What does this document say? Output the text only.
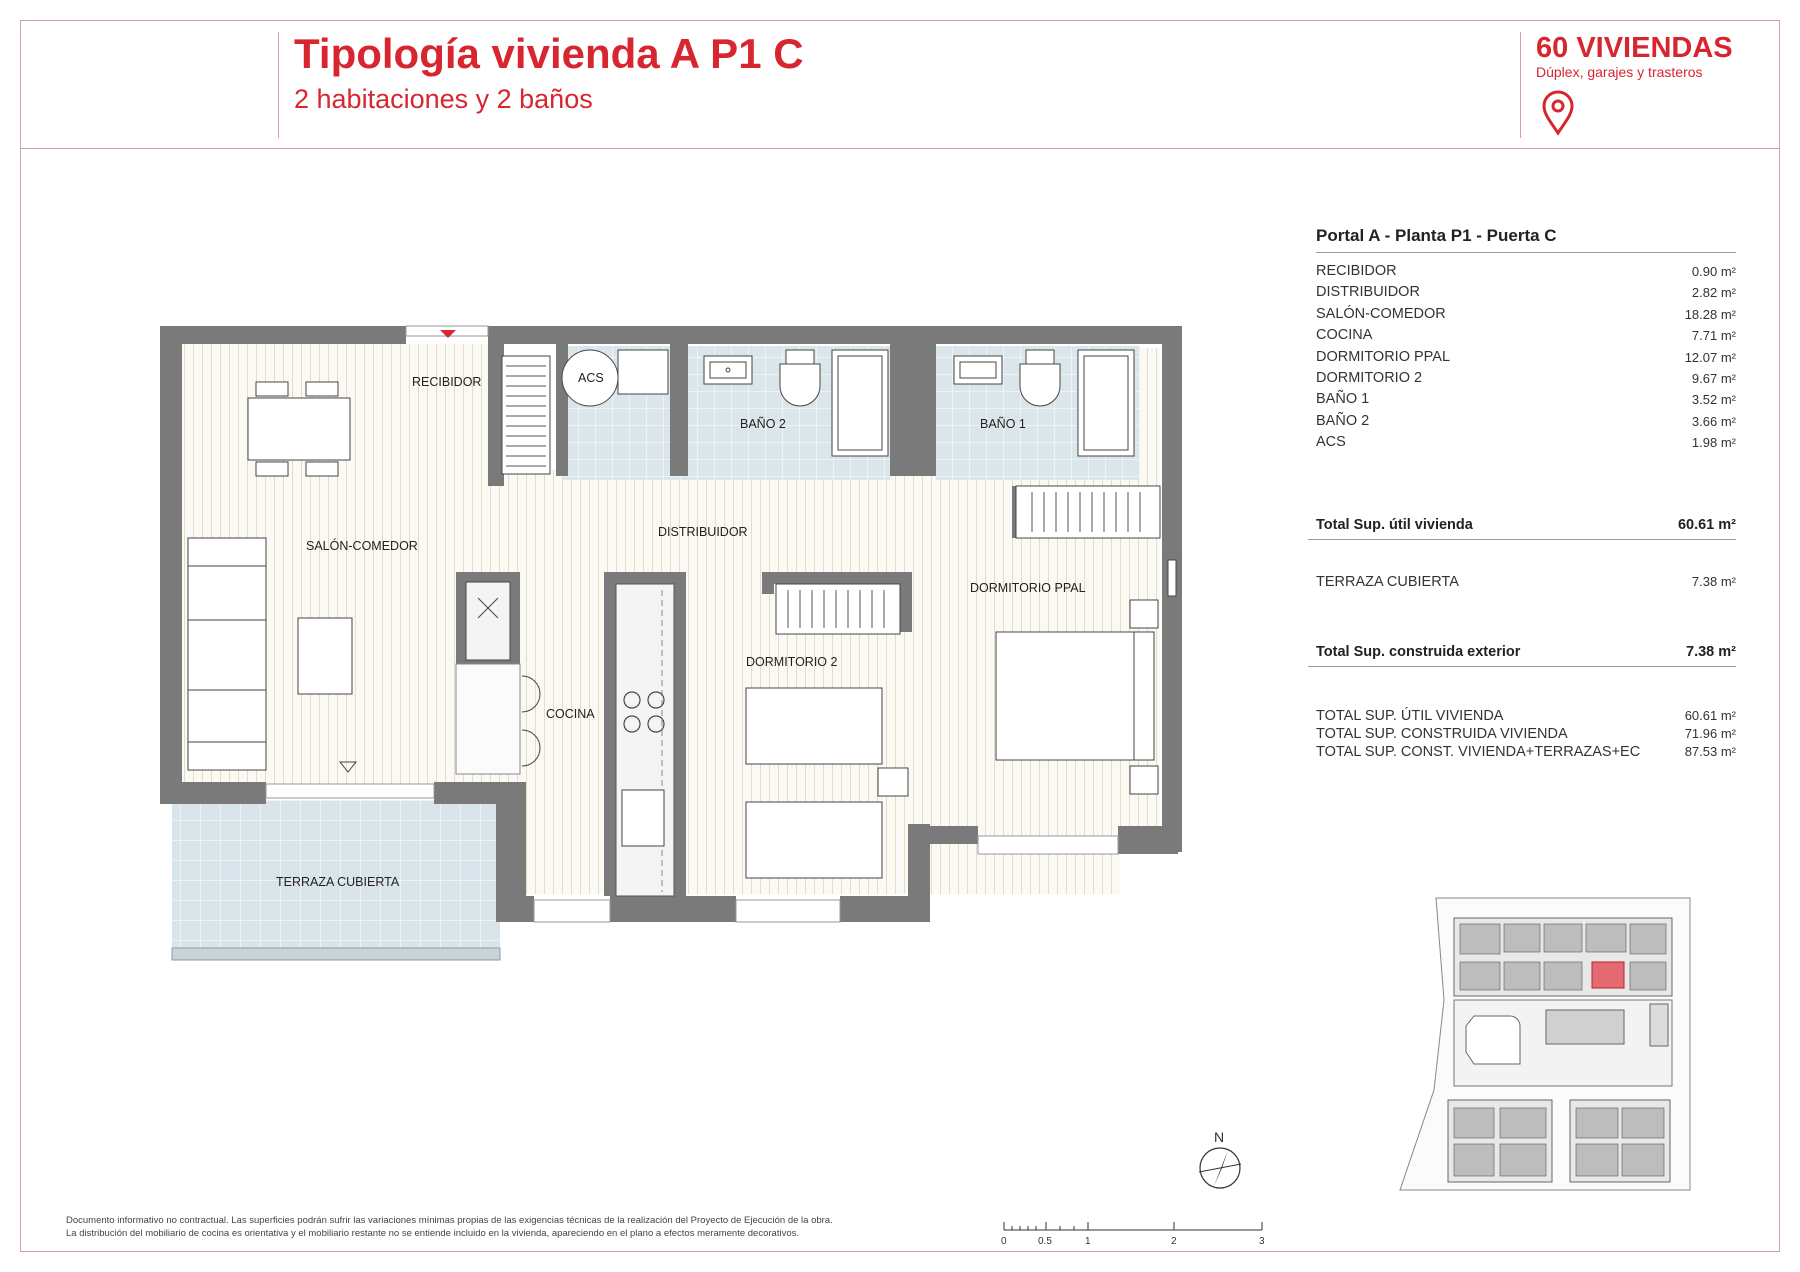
Tipología vivienda A P1 C
2 habitaciones y 2 baños
60 VIVIENDAS
Dúplex, garajes y trasteros
RECIBIDOR
SALÓN-COMEDOR
DISTRIBUIDOR
COCINA
DORMITORIO 2
DORMITORIO PPAL
BAÑO 2	BAÑO 1
ACS
TERRAZA CUBIERTA
N
0	0.5	1	2	3
Portal A - Planta P1 - Puerta C
RECIBIDOR	0.90 m²
DISTRIBUIDOR	2.82 m²
SALÓN-COMEDOR	18.28 m²
COCINA	7.71 m²
DORMITORIO PPAL	12.07 m²
DORMITORIO 2	9.67 m²
BAÑO 1	3.52 m²
BAÑO 2	3.66 m²
ACS	1.98 m²
Total Sup. útil vivienda	60.61 m²
TERRAZA CUBIERTA	7.38 m²
Total Sup. construida exterior	7.38 m²
TOTAL SUP. ÚTIL VIVIENDA	60.61 m²
TOTAL SUP. CONSTRUIDA VIVIENDA	71.96 m²
TOTAL SUP. CONST. VIVIENDA+TERRAZAS+EC	87.53 m²
Documento informativo no contractual. Las superficies podrán sufrir las variaciones mínimas propias de las exigencias técnicas de la realización del Proyecto de Ejecución de la obra.
La distribución del mobiliario de cocina es orientativa y el mobiliario restante no se entiende incluido en la vivienda, apareciendo en el plano a efectos meramente decorativos.
